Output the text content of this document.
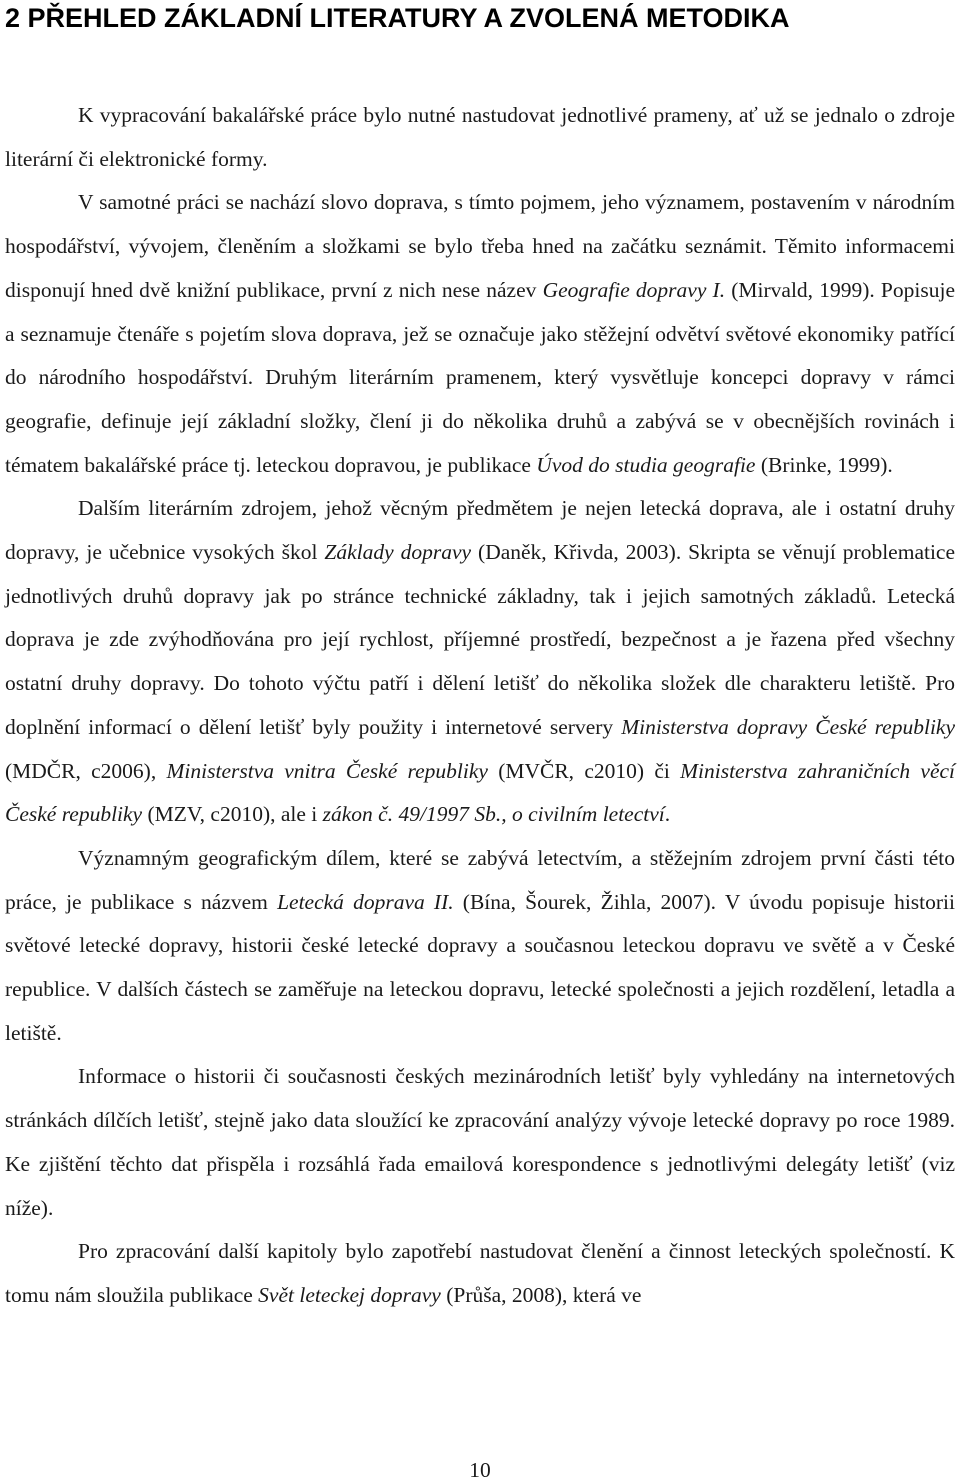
2 PŘEHLED ZÁKLADNÍ LITERATURY A ZVOLENÁ METODIKA

K vypracování bakalářské práce bylo nutné nastudovat jednotlivé prameny, ať už se jednalo o zdroje literární či elektronické formy.

V samotné práci se nachází slovo doprava, s tímto pojmem, jeho významem, postavením v národním hospodářství, vývojem, členěním a složkami se bylo třeba hned na začátku seznámit. Těmito informacemi disponují hned dvě knižní publikace, první z nich nese název Geografie dopravy I. (Mirvald, 1999). Popisuje a seznamuje čtenáře s pojetím slova doprava, jež se označuje jako stěžejní odvětví světové ekonomiky patřící do národního hospodářství. Druhým literárním pramenem, který vysvětluje koncepci dopravy v rámci geografie, definuje její základní složky, člení ji do několika druhů a zabývá se v obecnějších rovinách i tématem bakalářské práce tj. leteckou dopravou, je publikace Úvod do studia geografie (Brinke, 1999).

Dalším literárním zdrojem, jehož věcným předmětem je nejen letecká doprava, ale i ostatní druhy dopravy, je učebnice vysokých škol Základy dopravy (Daněk, Křivda, 2003). Skripta se věnují problematice jednotlivých druhů dopravy jak po stránce technické základny, tak i jejich samotných základů. Letecká doprava je zde zvýhodňována pro její rychlost, příjemné prostředí, bezpečnost a je řazena před všechny ostatní druhy dopravy. Do tohoto výčtu patří i dělení letišť do několika složek dle charakteru letiště. Pro doplnění informací o dělení letišť byly použity i internetové servery Ministerstva dopravy České republiky (MDČR, c2006), Ministerstva vnitra České republiky (MVČR, c2010) či Ministerstva zahraničních věcí České republiky (MZV, c2010), ale i zákon č. 49/1997 Sb., o civilním letectví.

Významným geografickým dílem, které se zabývá letectvím, a stěžejním zdrojem první části této práce, je publikace s názvem Letecká doprava II. (Bína, Šourek, Žihla, 2007). V úvodu popisuje historii světové letecké dopravy, historii české letecké dopravy a současnou leteckou dopravu ve světě a v České republice. V dalších částech se zaměřuje na leteckou dopravu, letecké společnosti a jejich rozdělení, letadla a letiště.

Informace o historii či současnosti českých mezinárodních letišť byly vyhledány na internetových stránkách dílčích letišť, stejně jako data sloužící ke zpracování analýzy vývoje letecké dopravy po roce 1989. Ke zjištění těchto dat přispěla i rozsáhlá řada emailová korespondence s jednotlivými delegáty letišť (viz níže).

Pro zpracování další kapitoly bylo zapotřebí nastudovat členění a činnost leteckých společností. K tomu nám sloužila publikace Svět leteckej dopravy (Průša, 2008), která ve

10
